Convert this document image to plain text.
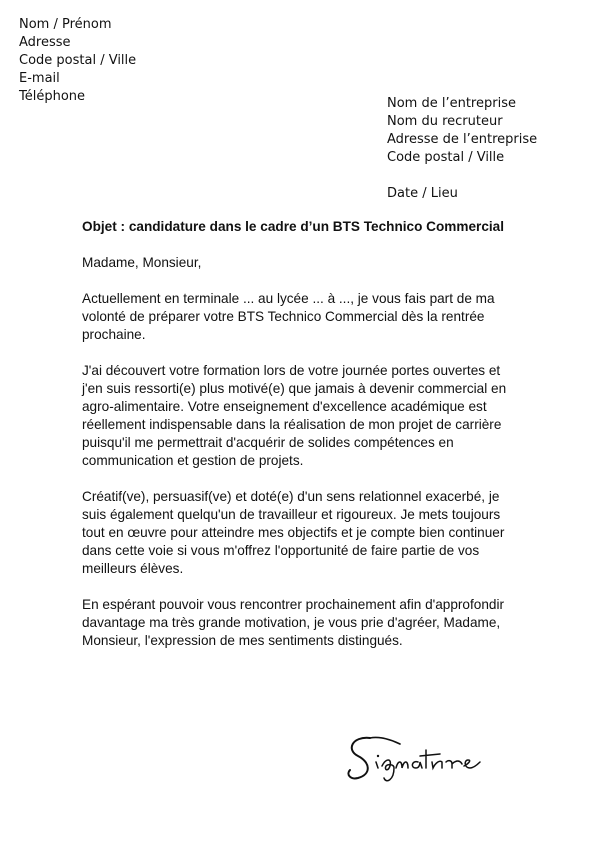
Nom / Prénom
Adresse
Code postal / Ville
E-mail
Téléphone	Nom de l’entreprise
Nom du recruteur
Adresse de l’entreprise
Code postal / Ville
Date / Lieu

Objet : candidature dans le cadre d’un BTS Technico Commercial

Madame, Monsieur,

Actuellement en terminale ... au lycée ... à ..., je vous fais part de ma volonté de préparer votre BTS Technico Commercial dès la rentrée prochaine.

J'ai découvert votre formation lors de votre journée portes ouvertes et j'en suis ressorti(e) plus motivé(e) que jamais à devenir commercial en agro-alimentaire. Votre enseignement d'excellence académique est réellement indispensable dans la réalisation de mon projet de carrière puisqu'il me permettrait d'acquérir de solides compétences en communication et gestion de projets.

Créatif(ve), persuasif(ve) et doté(e) d'un sens relationnel exacerbé, je suis également quelqu'un de travailleur et rigoureux. Je mets toujours tout en œuvre pour atteindre mes objectifs et je compte bien continuer dans cette voie si vous m'offrez l'opportunité de faire partie de vos meilleurs élèves.

En espérant pouvoir vous rencontrer prochainement afin d'approfondir davantage ma très grande motivation, je vous prie d'agréer, Madame, Monsieur, l'expression de mes sentiments distingués.
